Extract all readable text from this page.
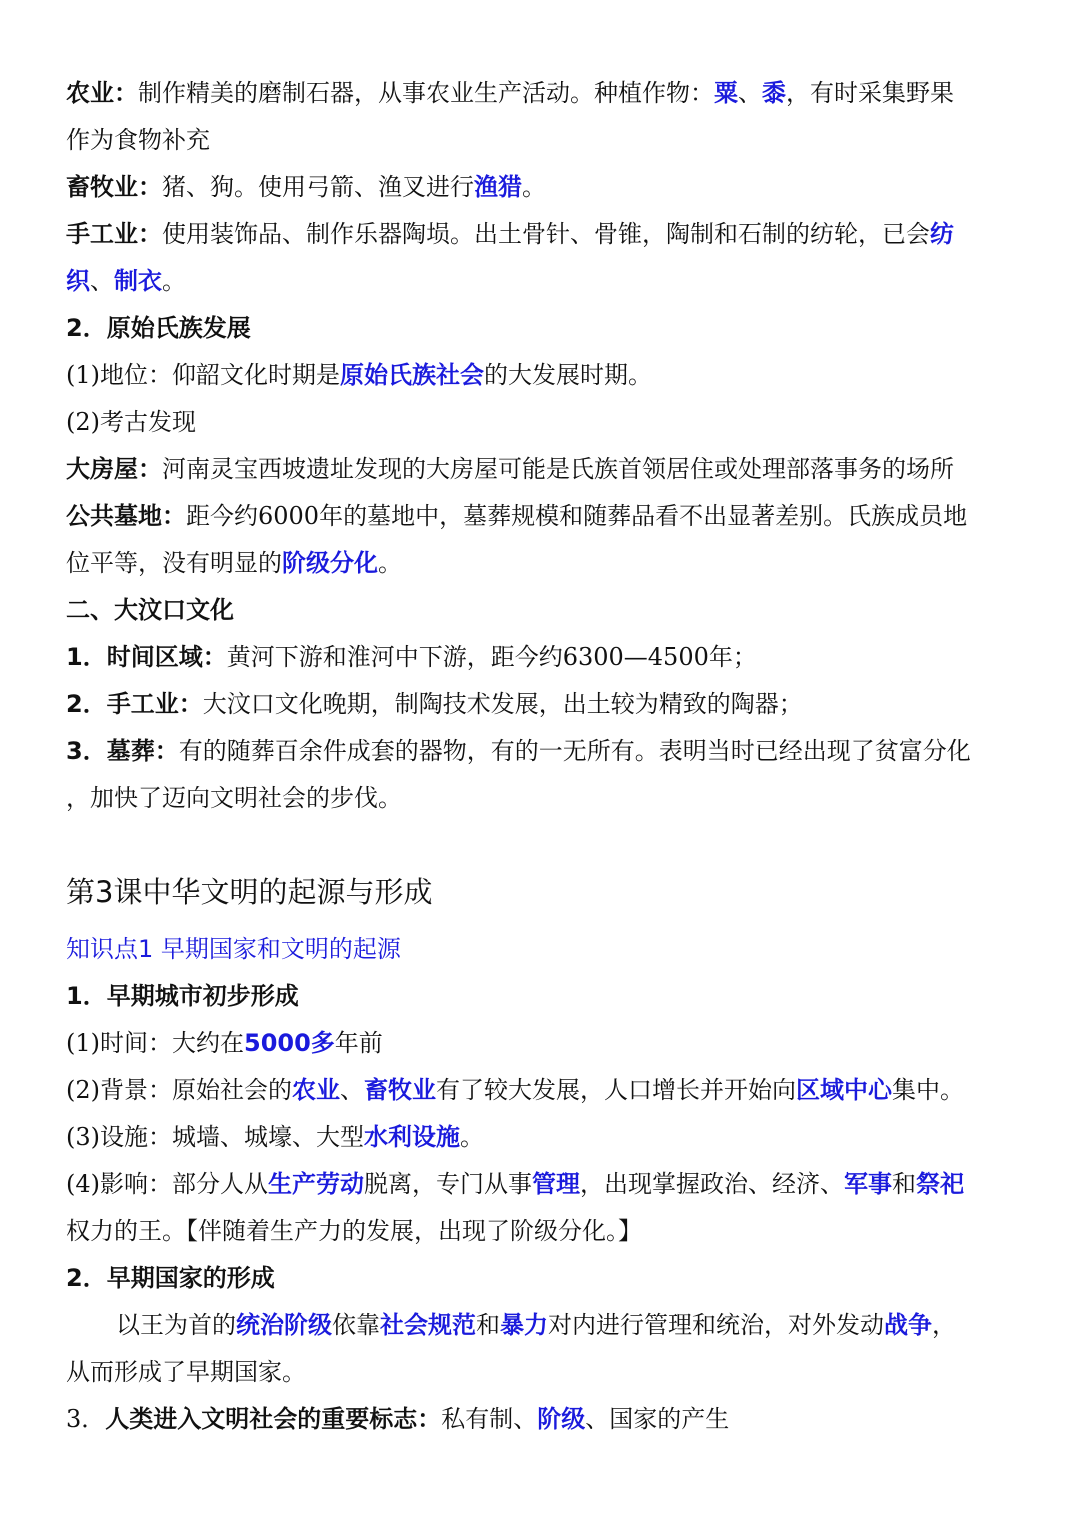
农业：制作精美的磨制石器，从事农业生产活动。种植作物：粟、黍，有时采集野果
作为食物补充
畜牧业：猪、狗。使用弓箭、渔叉进行渔猎。
手工业：使用装饰品、制作乐器陶埙。出土骨针、骨锥，陶制和石制的纺轮，已会纺
织、制衣。
2．原始氏族发展
(1)地位：仰韶文化时期是原始氏族社会的大发展时期。
(2)考古发现
大房屋：河南灵宝西坡遗址发现的大房屋可能是氏族首领居住或处理部落事务的场所
公共墓地：距今约6000年的墓地中，墓葬规模和随葬品看不出显著差别。氏族成员地
位平等，没有明显的阶级分化。
二、大汶口文化
1．时间区域：黄河下游和淮河中下游，距今约6300—4500年；
2．手工业：大汶口文化晚期，制陶技术发展，出土较为精致的陶器；
3．墓葬：有的随葬百余件成套的器物，有的一无所有。表明当时已经出现了贫富分化
，加快了迈向文明社会的步伐。
第3课中华文明的起源与形成
知识点1 早期国家和文明的起源
1．早期城市初步形成
(1)时间：大约在5000多年前
(2)背景：原始社会的农业、畜牧业有了较大发展，人口增长并开始向区域中心集中。
(3)设施：城墙、城壕、大型水利设施。
(4)影响：部分人从生产劳动脱离，专门从事管理，出现掌握政治、经济、军事和祭祀
权力的王。【伴随着生产力的发展，出现了阶级分化。】
2．早期国家的形成
以王为首的统治阶级依靠社会规范和暴力对内进行管理和统治，对外发动战争，
从而形成了早期国家。
3．人类进入文明社会的重要标志：私有制、阶级、国家的产生
